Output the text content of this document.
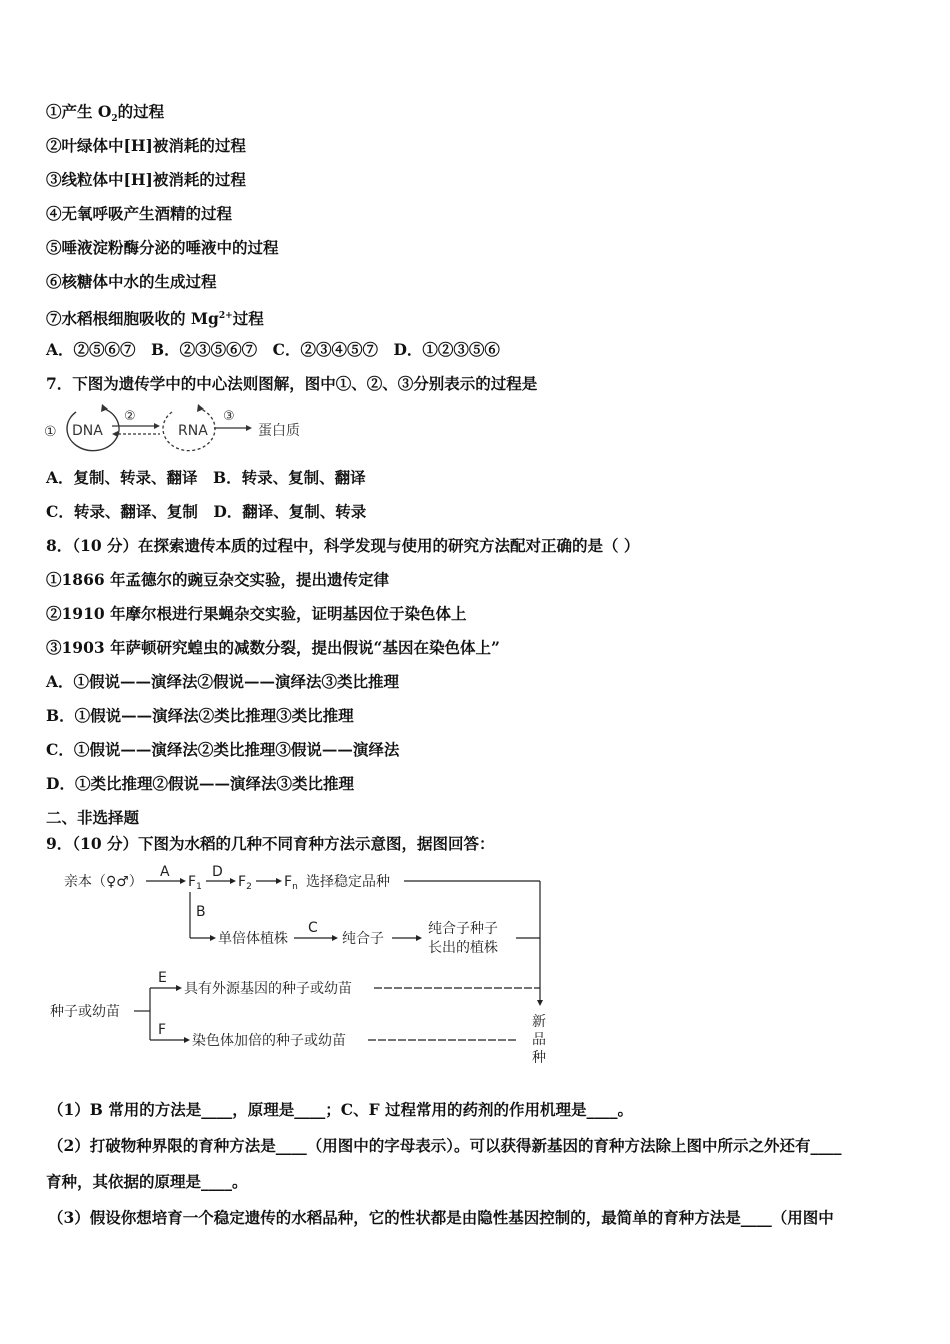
①产生 $O_2$的过程
②叶绿体中[H]被消耗的过程
③线粒体中[H]被消耗的过程
④无氧呼吸产生酒精的过程
⑤唾液淀粉酶分泌的唾液中的过程
⑥核糖体中水的生成过程
⑦水稻根细胞吸收的 $Mg^{2+}$过程
A．②⑤⑥⑦　B．②③⑤⑥⑦　C．②③④⑤⑦　D．①②③⑤⑥
7．下图为遗传学中的中心法则图解，图中①、②、③分别表示的过程是
① DNA
②
RNA
③
蛋白质
A．复制、转录、翻译　B．转录、复制、翻译
C．转录、翻译、复制　D．翻译、复制、转录
8．（10 分）在探索遗传本质的过程中，科学发现与使用的研究方法配对正确的是（ ）
①1866 年孟德尔的豌豆杂交实验，提出遗传定律
②1910 年摩尔根进行果蝇杂交实验，证明基因位于染色体上
③1903 年萨顿研究蝗虫的减数分裂，提出假说“基因在染色体上”
A．①假说——演绎法②假说——演绎法③类比推理
B．①假说——演绎法②类比推理③类比推理
C．①假说——演绎法②类比推理③假说——演绎法
D．①类比推理②假说——演绎法③类比推理
二、非选择题
9．（10 分）下图为水稻的几种不同育种方法示意图，据图回答：
亲本（♀♂）
A
$F_1$
D
$F_2$ $F_n$ 选择稳定品种
B
单倍体植株
C
纯合子
纯合子种子
长出的植株
种子或幼苗
E
具有外源基因的种子或幼苗
F
染色体加倍的种子或幼苗
新
品
种
（1）B 常用的方法是____，原理是____；C、F 过程常用的药剂的作用机理是____。
（2）打破物种界限的育种方法是____（用图中的字母表示）。可以获得新基因的育种方法除上图中所示之外还有____
育种，其依据的原理是____。
（3）假设你想培育一个稳定遗传的水稻品种，它的性状都是由隐性基因控制的，最简单的育种方法是____（用图中
